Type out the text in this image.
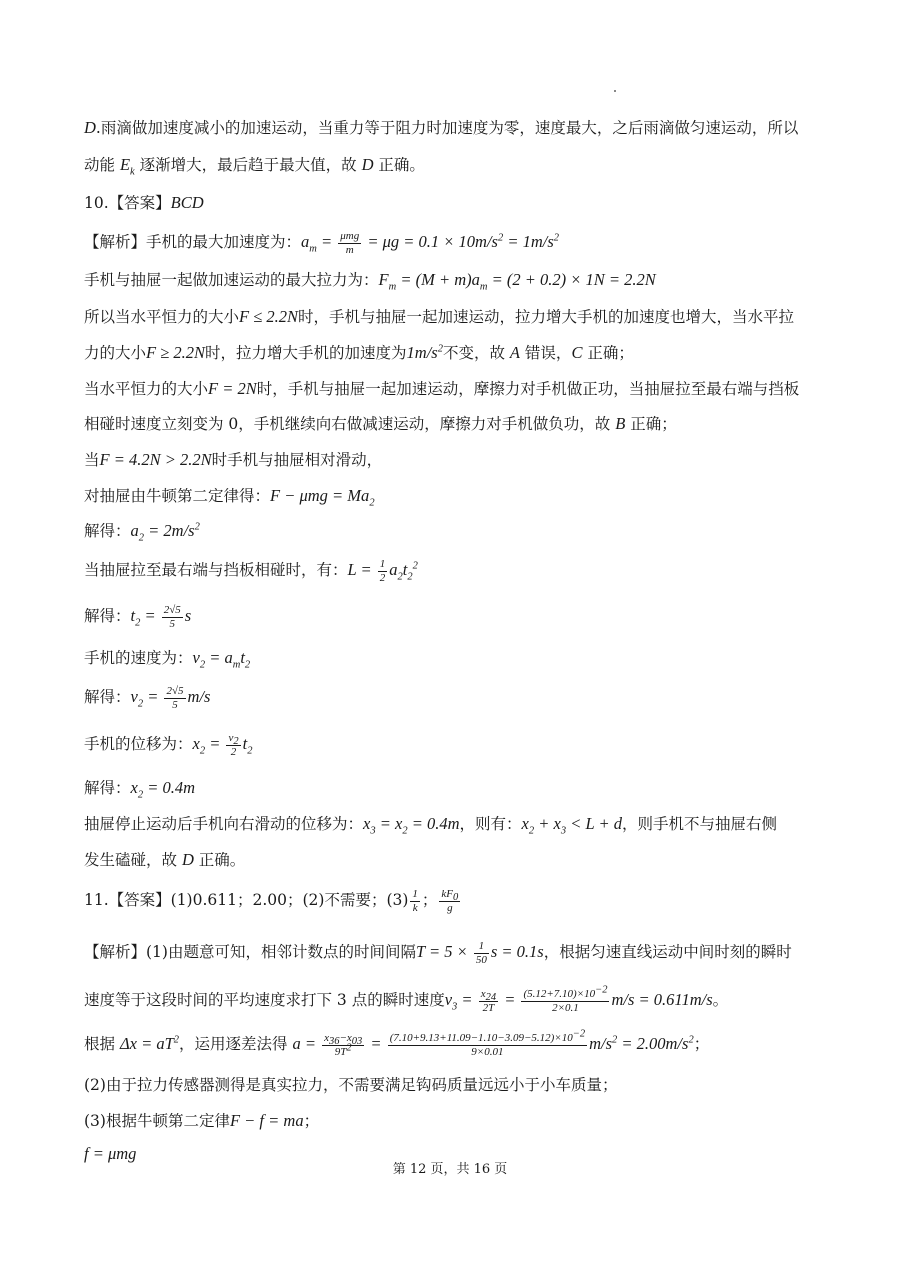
D.雨滴做加速度减小的加速运动，当重力等于阻力时加速度为零，速度最大，之后雨滴做匀速运动，所以
动能 $E_k$ 逐渐增大，最后趋于最大值，故 D 正确。
10.【答案】BCD
【解析】手机的最大加速度为：$a_m = \frac{\text{μmg}}{m} = \mu g = 0.1 \times 10m/s^2 = 1m/s^2$
手机与抽屉一起做加速运动的最大拉力为：$F_m = (M + m)a_m = (2 + 0.2) \times 1N = 2.2N$
所以当水平恒力的大小F ≤ 2.2N时，手机与抽屉一起加速运动，拉力增大手机的加速度也增大，当水平拉
力的大小F ≥ 2.2N时，拉力增大手机的加速度为$1m/s^2$不变，故 A 错误，C 正确；
当水平恒力的大小F = 2N时，手机与抽屉一起加速运动，摩擦力对手机做正功，当抽屉拉至最右端与挡板
相碰时速度立刻变为 0，手机继续向右做减速运动，摩擦力对手机做负功，故 B 正确；
当F = 4.2N > 2.2N时手机与抽屉相对滑动，
对抽屉由牛顿第二定律得：$F - \mu mg = Ma_2$
解得：$a_2 = 2m/s^2$
当抽屉拉至最右端与挡板相碰时，有：$L = \frac{1}{2} a_2t_2^2$
解得：$t_2 = \frac{2√5}{5}$ s
手机的速度为：$v_2 = a_mt_2$
解得：$v_2 = \frac{2√5}{5} m/s$
手机的位移为：$x_2 = \frac{v2}{2} t_2$
解得：$x_2 = 0.4m$
抽屉停止运动后手机向右滑动的位移为：$x_3 = x_2 = 0.4m$，则有：$x_2 + x_3 < L + d$，则手机不与抽屉右侧
发生磕碰，故 D 正确。
11.【答案】(1)0.611；2.00；(2)不需要；$(3) \frac{1}{k}$ ； $\frac{kF0}{g}$
【解析】(1)由题意可知，相邻计数点的时间间隔$T = 5 \times \frac{1}{50}$ s = 0.1s，根据匀速直线运动中间时刻的瞬时
速度等于这段时间的平均速度求打下 3 点的瞬时速度$v_3 = \frac{x24}{2T} = \frac{(5.12+7.10)\times 10-2}{2\times 0.1} m/s = 0.611m/s$。
根据 $\Delta x = aT^2$，运用逐差法得 $a = \frac{x36-x03}{9T2} = \frac{(7.10+9.13+11.09-1.10-3.09-5.12)\times 10-2}{9\times 0.01} m/s^2 = 2.00m/s^2$；
(2)由于拉力传感器测得是真实拉力，不需要满足钩码质量远远小于小车质量；
(3)根据牛顿第二定律F − f = ma；
f = μmg
第 12 页，共 16 页
